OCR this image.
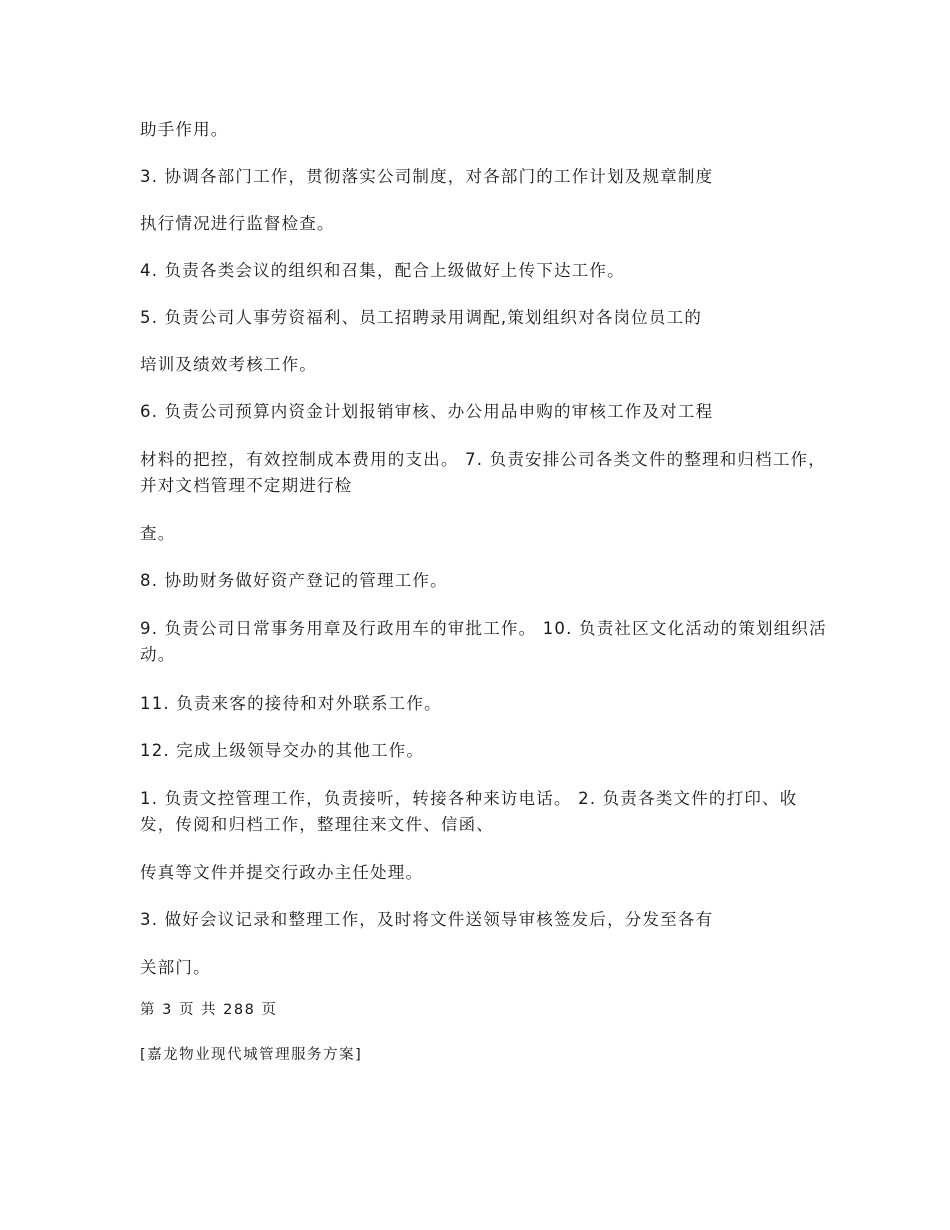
助手作用。
3. 协调各部门工作，贯彻落实公司制度，对各部门的工作计划及规章制度
执行情况进行监督检查。
4. 负责各类会议的组织和召集，配合上级做好上传下达工作。
5. 负责公司人事劳资福利、员工招聘录用调配,策划组织对各岗位员工的
培训及绩效考核工作。
6. 负责公司预算内资金计划报销审核、办公用品申购的审核工作及对工程
材料的把控，有效控制成本费用的支出。 7. 负责安排公司各类文件的整理和归档工作，并对文档管理不定期进行检
查。
8. 协助财务做好资产登记的管理工作。
9. 负责公司日常事务用章及行政用车的审批工作。 10. 负责社区文化活动的策划组织活动。
11. 负责来客的接待和对外联系工作。
12. 完成上级领导交办的其他工作。
1. 负责文控管理工作，负责接听，转接各种来访电话。 2. 负责各类文件的打印、收发，传阅和归档工作，整理往来文件、信函、
传真等文件并提交行政办主任处理。
3. 做好会议记录和整理工作，及时将文件送领导审核签发后，分发至各有
关部门。
第 3 页 共 288 页
[嘉龙物业现代城管理服务方案]
